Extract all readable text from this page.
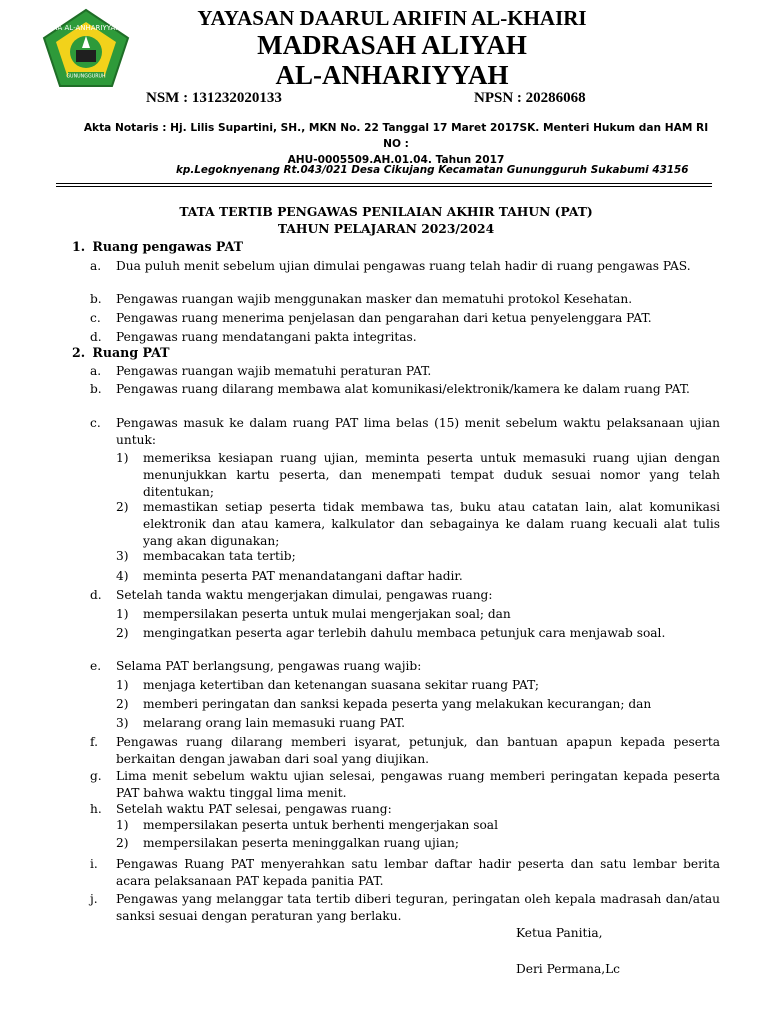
MA AL-ANHARIYYAH
GUNUNGGURUH
YAYASAN DAARUL ARIFIN AL-KHAIRI
MADRASAH ALIYAH
AL-ANHARIYYAH
NSM : 131232020133	NPSN : 20286068
Akta Notaris : Hj. Lilis Supartini, SH., MKN No. 22 Tanggal 17 Maret 2017SK. Menteri Hukum dan HAM RI NO :
AHU-0005509.AH.01.04. Tahun 2017
kp.Legoknyenang Rt.043/021 Desa Cikujang Kecamatan Gunungguruh Sukabumi 43156
TATA TERTIB PENGAWAS PENILAIAN AKHIR TAHUN (PAT)
TAHUN PELAJARAN 2023/2024
1. Ruang pengawas PAT
a. Dua puluh menit sebelum ujian dimulai pengawas ruang telah hadir di ruang pengawas PAS.
b. Pengawas ruangan wajib menggunakan masker dan mematuhi protokol Kesehatan.
c. Pengawas ruang menerima penjelasan dan pengarahan dari ketua penyelenggara PAT.
d. Pengawas ruang mendatangani pakta integritas.
2. Ruang PAT
a. Pengawas ruangan wajib mematuhi peraturan PAT.
b. Pengawas ruang dilarang membawa alat komunikasi/elektronik/kamera ke dalam ruang PAT.
c. Pengawas masuk ke dalam ruang PAT lima belas (15) menit sebelum waktu pelaksanaan ujian untuk:
1) memeriksa kesiapan ruang ujian, meminta peserta untuk memasuki ruang ujian dengan menunjukkan kartu peserta, dan menempati tempat duduk sesuai nomor yang telah ditentukan;
2) memastikan setiap peserta tidak membawa tas, buku atau catatan lain, alat komunikasi elektronik dan atau kamera, kalkulator dan sebagainya ke dalam ruang kecuali alat tulis yang akan digunakan;
3) membacakan tata tertib;
4) meminta peserta PAT menandatangani daftar hadir.
d. Setelah tanda waktu mengerjakan dimulai, pengawas ruang:
1) mempersilakan peserta untuk mulai mengerjakan soal; dan
2) mengingatkan peserta agar terlebih dahulu membaca petunjuk cara menjawab soal.
e. Selama PAT berlangsung, pengawas ruang wajib:
1) menjaga ketertiban dan ketenangan suasana sekitar ruang PAT;
2) memberi peringatan dan sanksi kepada peserta yang melakukan kecurangan; dan
3) melarang orang lain memasuki ruang PAT.
f. Pengawas ruang dilarang memberi isyarat, petunjuk, dan bantuan apapun kepada peserta berkaitan dengan jawaban dari soal yang diujikan.
g. Lima menit sebelum waktu ujian selesai, pengawas ruang memberi peringatan kepada peserta PAT bahwa waktu tinggal lima menit.
h. Setelah waktu PAT selesai, pengawas ruang:
1) mempersilakan peserta untuk berhenti mengerjakan soal
2) mempersilakan peserta meninggalkan ruang ujian;
i. Pengawas Ruang PAT menyerahkan satu lembar daftar hadir peserta dan satu lembar berita acara pelaksanaan PAT kepada panitia PAT.
j. Pengawas yang melanggar tata tertib diberi teguran, peringatan oleh kepala madrasah dan/atau sanksi sesuai dengan peraturan yang berlaku.
Ketua Panitia,
Deri Permana,Lc
